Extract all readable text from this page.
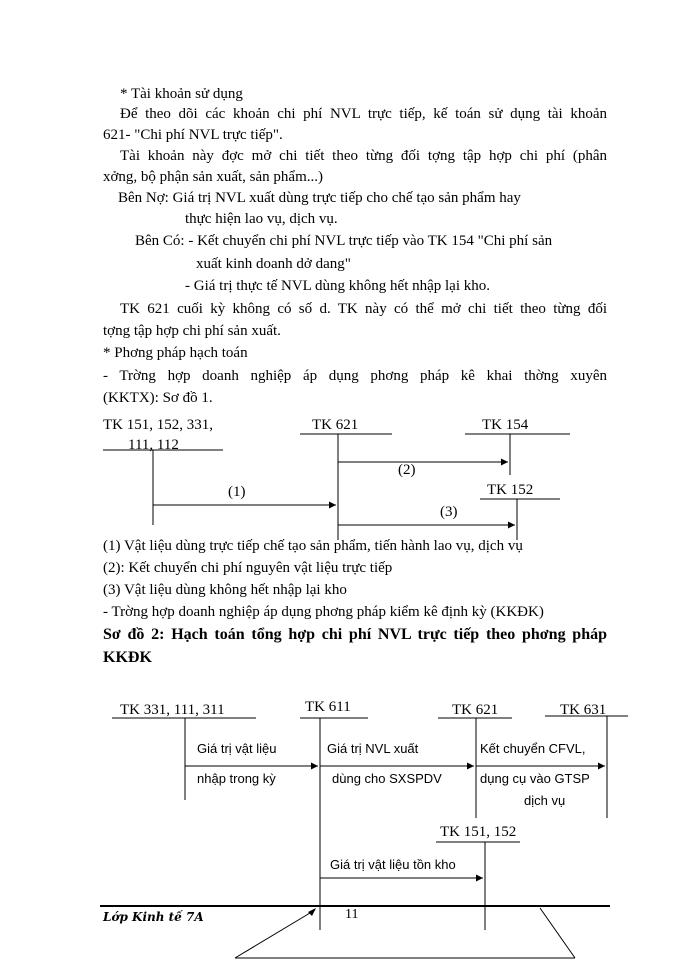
* Tài khoản sử dụng
Để theo dõi các khoản chi phí NVL trực tiếp, kế toán sử dụng tài khoản
621- "Chi phí NVL trực tiếp".
Tài khoản này đợc mở chi tiết theo từng đối tợng tập hợp chi phí (phân
xởng, bộ phận sản xuất, sản phẩm...)
Bên Nợ: Giá trị NVL xuất dùng trực tiếp cho chế tạo sản phẩm hay
thực hiện lao vụ, dịch vụ.
Bên Có: - Kết chuyển chi phí NVL trực tiếp vào TK 154 "Chi phí sản
xuất kinh doanh dở dang"
- Giá trị thực tế NVL dùng không hết nhập lại kho.
TK 621 cuối kỳ không có số d. TK này có thể mở chi tiết theo từng đối
tợng tập hợp chi phí sản xuất.
* Phơng pháp hạch toán
- Trờng hợp doanh nghiệp áp dụng phơng pháp kê khai thờng xuyên
(KKTX): Sơ đồ 1.
TK 151, 152, 331,
111, 112
TK 621	TK 154
TK 152
(1)
(2)
(3)
(1) Vật liệu dùng trực tiếp chế tạo sản phẩm, tiến hành lao vụ, dịch vụ
(2): Kết chuyển chi phí nguyên vật liệu trực tiếp
(3) Vật liệu dùng không hết nhập lại kho
- Trờng hợp doanh nghiệp áp dụng phơng pháp kiểm kê định kỳ (KKĐK)
Sơ đồ 2: Hạch toán tổng hợp chi phí NVL trực tiếp theo phơng pháp
KKĐK
TK 331, 111, 311	TK 611	TK 621	TK 631
TK 151, 152
Giá trị vật liệu
nhập trong kỳ
Giá trị NVL xuất
dùng cho SXSPDV
Kết chuyển CFVL,
dụng cụ vào GTSP
dịch vụ
Giá trị vật liệu tồn kho
Lớp Kinh tế 7A	11
